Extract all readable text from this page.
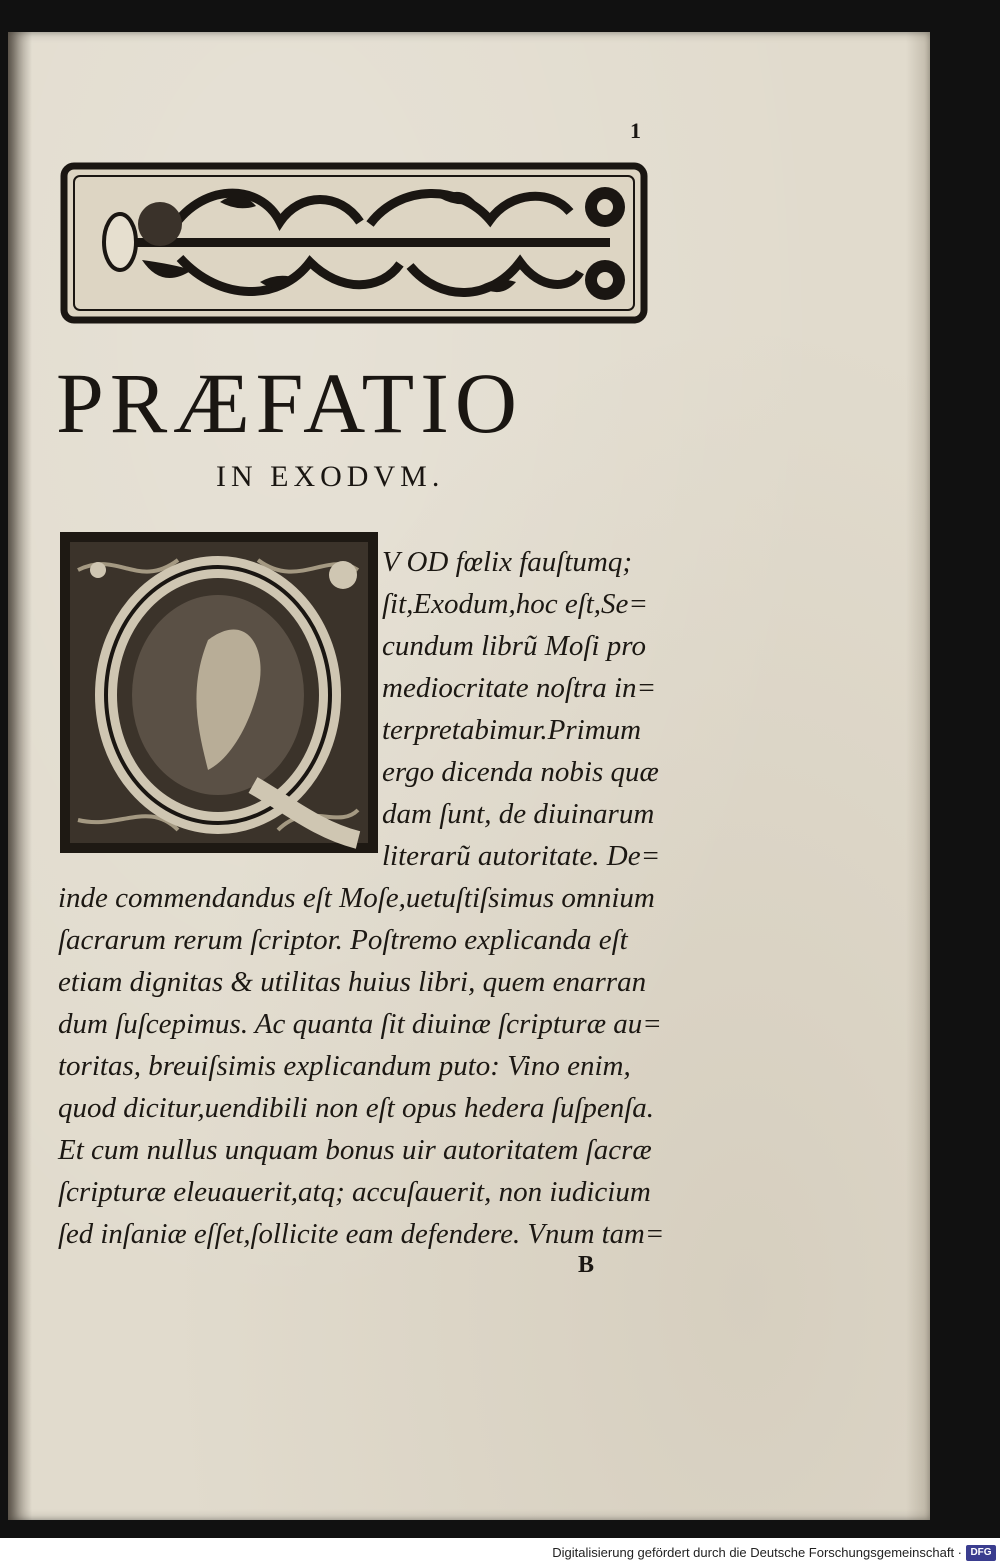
1
PRÆFATIO
IN EXODVM.
V OD fœlix fauſtumq;
ſit,Exodum,hoc eſt,Se=
cundum librũ Moſi pro
mediocritate noſtra in=
terpretabimur.Primum
ergo dicenda nobis quæ
dam ſunt, de diuinarum
literarũ autoritate. De=
inde commendandus eſt Moſe,uetuſtiſsimus omnium
ſacrarum rerum ſcriptor. Poſtremo explicanda eſt
etiam dignitas & utilitas huius libri, quem enarran
dum ſuſcepimus. Ac quanta ſit diuinæ ſcripturæ au=
toritas, breuiſsimis explicandum puto: Vino enim,
quod dicitur,uendibili non eſt opus hedera ſuſpenſa.
Et cum nullus unquam bonus uir autoritatem ſacræ
ſcripturæ eleuauerit,atq; accuſauerit, non iudicium
ſed inſaniæ eſſet,ſollicite eam defendere. Vnum tam=
B
Digitalisierung gefördert durch die Deutsche Forschungsgemeinschaft · DFG
